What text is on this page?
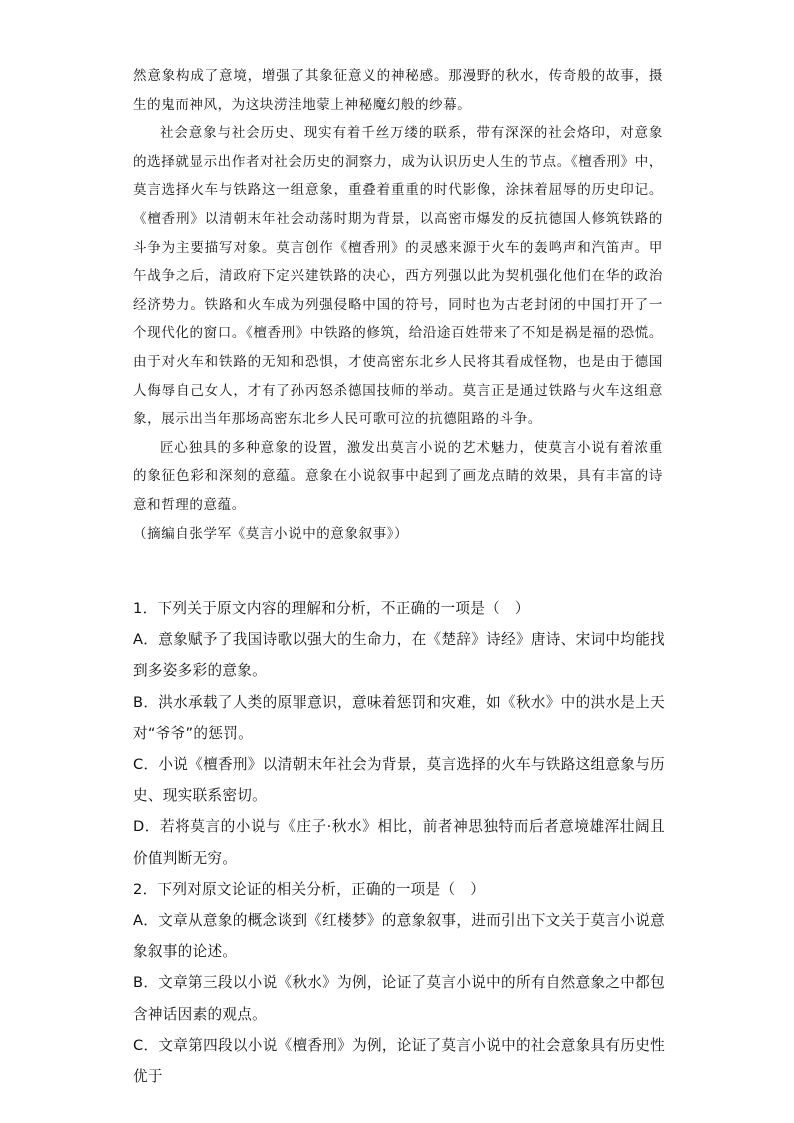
然意象构成了意境，增强了其象征意义的神秘感。那漫野的秋水，传奇般的故事，摄生的鬼而神风，为这块涝洼地蒙上神秘魔幻般的纱幕。

社会意象与社会历史、现实有着千丝万缕的联系，带有深深的社会烙印，对意象的选择就显示出作者对社会历史的洞察力，成为认识历史人生的节点。《檀香刑》中，莫言选择火车与铁路这一组意象，重叠着重重的时代影像，涂抹着屈辱的历史印记。《檀香刑》以清朝末年社会动荡时期为背景，以高密市爆发的反抗德国人修筑铁路的斗争为主要描写对象。莫言创作《檀香刑》的灵感来源于火车的轰鸣声和汽笛声。甲午战争之后，清政府下定兴建铁路的决心，西方列强以此为契机强化他们在华的政治经济势力。铁路和火车成为列强侵略中国的符号，同时也为古老封闭的中国打开了一个现代化的窗口。《檀香刑》中铁路的修筑，给沿途百姓带来了不知是祸是福的恐慌。由于对火车和铁路的无知和恐惧，才使高密东北乡人民将其看成怪物，也是由于德国人侮辱自己女人，才有了孙丙怒杀德国技师的举动。莫言正是通过铁路与火车这组意象，展示出当年那场高密东北乡人民可歌可泣的抗德阻路的斗争。

匠心独具的多种意象的设置，激发出莫言小说的艺术魅力，使莫言小说有着浓重的象征色彩和深刻的意蕴。意象在小说叙事中起到了画龙点睛的效果，具有丰富的诗意和哲理的意蕴。

（摘编自张学军《莫言小说中的意象叙事》）

1．下列关于原文内容的理解和分析，不正确的一项是（　）

A．意象赋予了我国诗歌以强大的生命力，在《楚辞》诗经》唐诗、宋词中均能找到多姿多彩的意象。

B．洪水承载了人类的原罪意识，意味着惩罚和灾难，如《秋水》中的洪水是上天对“爷爷”的惩罚。

C．小说《檀香刑》以清朝末年社会为背景，莫言选择的火车与铁路这组意象与历史、现实联系密切。

D．若将莫言的小说与《庄子·秋水》相比，前者神思独特而后者意境雄浑壮阔且价值判断无穷。

2．下列对原文论证的相关分析，正确的一项是（　）

A．文章从意象的概念谈到《红楼梦》的意象叙事，进而引出下文关于莫言小说意象叙事的论述。

B．文章第三段以小说《秋水》为例，论证了莫言小说中的所有自然意象之中都包含神话因素的观点。

C．文章第四段以小说《檀香刑》为例，论证了莫言小说中的社会意象具有历史性优于
